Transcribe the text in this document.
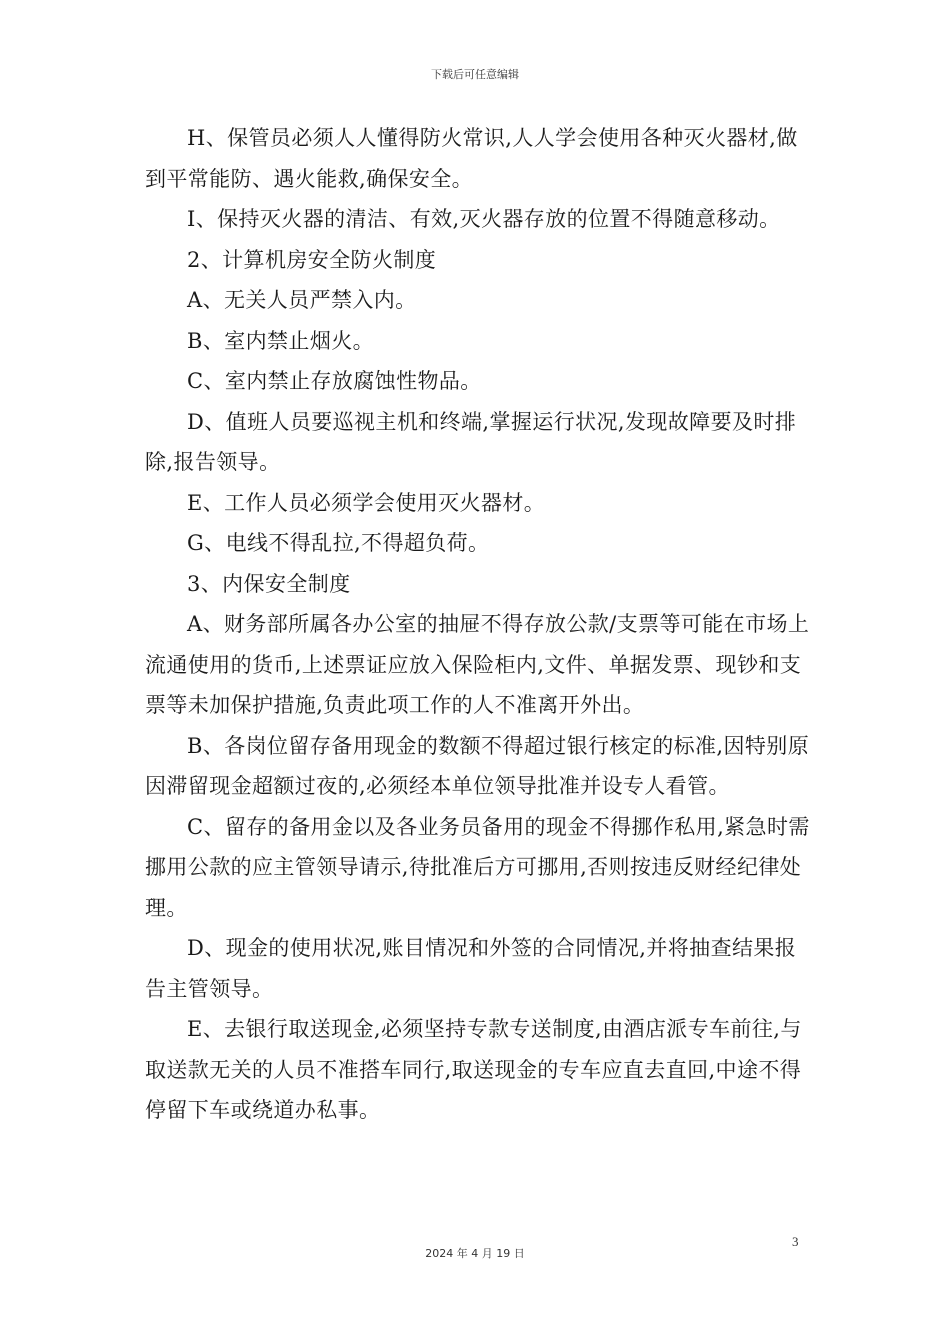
下载后可任意编辑

H、保管员必须人人懂得防火常识,人人学会使用各种灭火器材,做到平常能防、遇火能救,确保安全。

I、保持灭火器的清洁、有效,灭火器存放的位置不得随意移动。

2、计算机房安全防火制度

A、无关人员严禁入内。

B、室内禁止烟火。

C、室内禁止存放腐蚀性物品。

D、值班人员要巡视主机和终端,掌握运行状况,发现故障要及时排除,报告领导。

E、工作人员必须学会使用灭火器材。

G、电线不得乱拉,不得超负荷。

3、内保安全制度

A、财务部所属各办公室的抽屉不得存放公款/支票等可能在市场上流通使用的货币,上述票证应放入保险柜内,文件、单据发票、现钞和支票等未加保护措施,负责此项工作的人不准离开外出。

B、各岗位留存备用现金的数额不得超过银行核定的标准,因特别原因滞留现金超额过夜的,必须经本单位领导批准并设专人看管。

C、留存的备用金以及各业务员备用的现金不得挪作私用,紧急时需挪用公款的应主管领导请示,待批准后方可挪用,否则按违反财经纪律处理。

D、现金的使用状况,账目情况和外签的合同情况,并将抽查结果报告主管领导。

E、去银行取送现金,必须坚持专款专送制度,由酒店派专车前往,与取送款无关的人员不准搭车同行,取送现金的专车应直去直回,中途不得停留下车或绕道办私事。

3
2024 年 4 月 19 日
